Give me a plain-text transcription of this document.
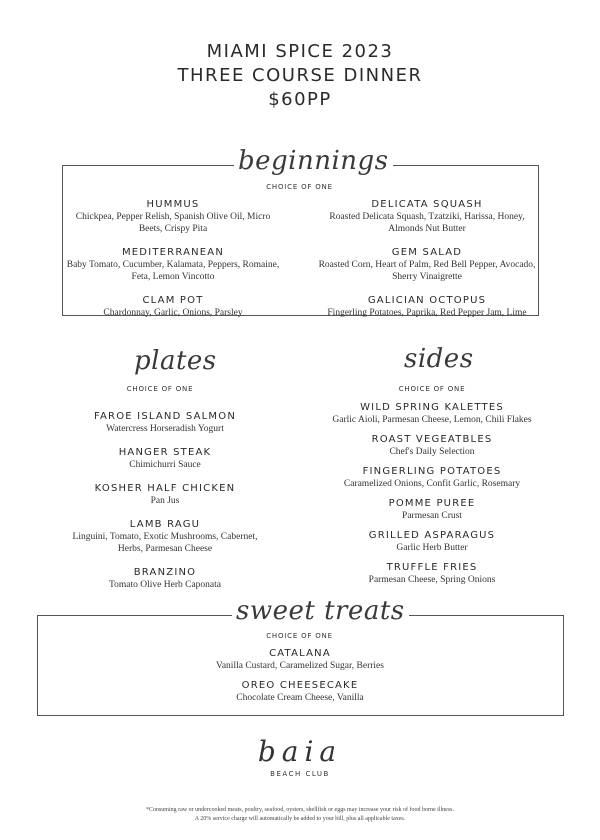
MIAMI SPICE 2023
THREE COURSE DINNER
$60PP
beginnings
CHOICE OF ONE
HUMMUS
Chickpea, Pepper Relish, Spanish Olive Oil, Micro Beets, Crispy Pita
MEDITERRANEAN
Baby Tomato, Cucumber, Kalamata, Peppers, Romaine, Feta, Lemon Vincotto
CLAM POT
Chardonnay, Garlic, Onions, Parsley
DELICATA SQUASH
Roasted Delicata Squash, Tzatziki, Harissa, Honey, Almonds Nut Butter
GEM SALAD
Roasted Corn, Heart of Palm, Red Bell Pepper, Avocado, Sherry Vinaigrette
GALICIAN OCTOPUS
Fingerling Potatoes, Paprika, Red Pepper Jam, Lime
plates
CHOICE OF ONE
FAROE ISLAND SALMON
Watercress Horseradish Yogurt
HANGER STEAK
Chimichurri Sauce
KOSHER HALF CHICKEN
Pan Jus
LAMB RAGU
Linguini, Tomato, Exotic Mushrooms, Cabernet, Herbs, Parmesan Cheese
BRANZINO
Tomato Olive Herb Caponata
sides
CHOICE OF ONE
WILD SPRING KALETTES
Garlic Aioli, Parmesan Cheese, Lemon, Chili Flakes
ROAST VEGEATBLES
Chef's Daily Selection
FINGERLING POTATOES
Caramelized Onions, Confit Garlic, Rosemary
POMME PUREE
Parmesan Crust
GRILLED ASPARAGUS
Garlic Herb Butter
TRUFFLE FRIES
Parmesan Cheese, Spring Onions
sweet treats
CHOICE OF ONE
CATALANA
Vanilla Custard, Caramelized Sugar, Berries
OREO CHEESECAKE
Chocolate Cream Cheese, Vanilla
baia
BEACH CLUB
*Consuming raw or undercooked meats, poultry, seafood, oysters, shellfish or eggs may increase your risk of food borne illness.
A 20% service charge will automatically be added to your bill, plus all applicable taxes.
